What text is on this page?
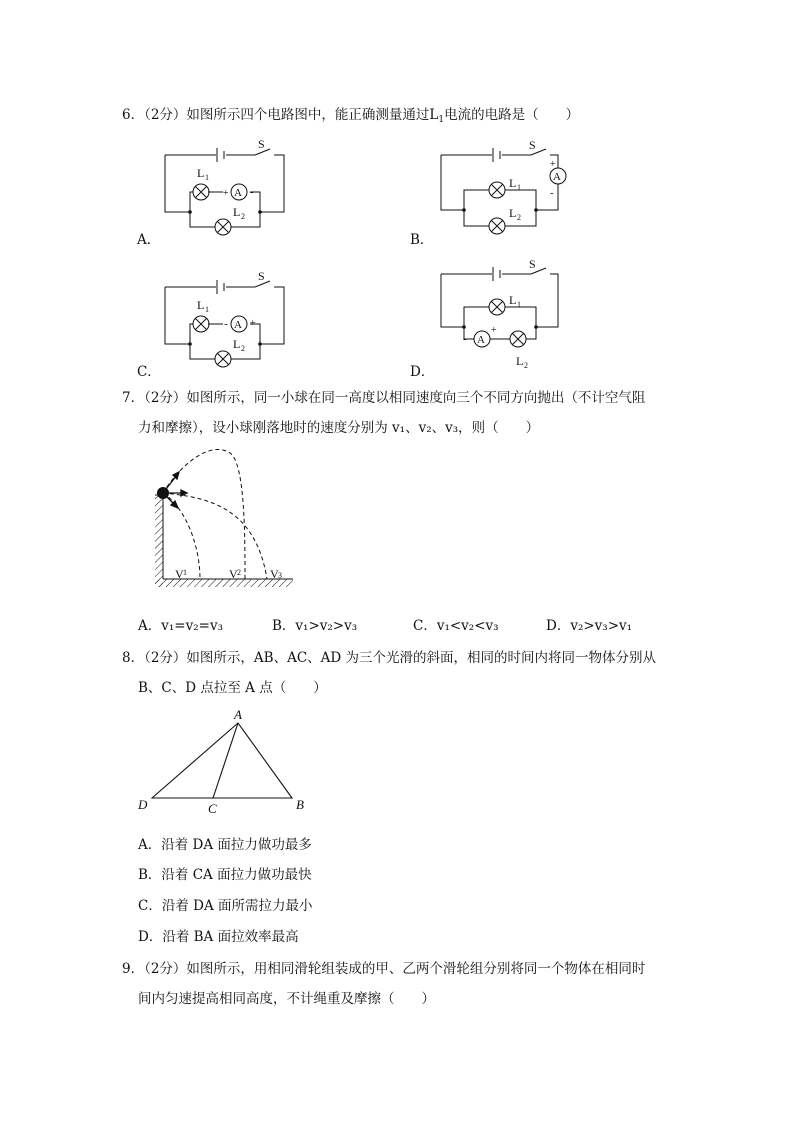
6．（2分）如图所示四个电路图中，能正确测量通过$L_1$电流的电路是（　　）
A．
S
A
+ -
L 1
L 2
B．
S
A
+
-
L 1
L 2
C．
S
A
- +
L 1
L 2
D．
S
A
-
+
L 1
L 2
7．（2分）如图所示，同一小球在同一高度以相同速度向三个不同方向抛出（不计空气阻
力和摩擦），设小球刚落地时的速度分别为 v₁、v₂、v₃，则（　　）
V 1	V 2 V 3
A．v₁=v₂=v₃	B．v₁>v₂>v₃	C．v₁<v₂<v₃	D．v₂>v₃>v₁
8．（2分）如图所示，AB、AC、AD 为三个光滑的斜面，相同的时间内将同一物体分别从
B、C、D 点拉至 A 点（　　）
A
B
C
D
A．沿着 DA 面拉力做功最多
B．沿着 CA 面拉力做功最快
C．沿着 DA 面所需拉力最小
D．沿着 BA 面拉效率最高
9．（2分）如图所示，用相同滑轮组装成的甲、乙两个滑轮组分别将同一个物体在相同时
间内匀速提高相同高度，不计绳重及摩擦（　　）
